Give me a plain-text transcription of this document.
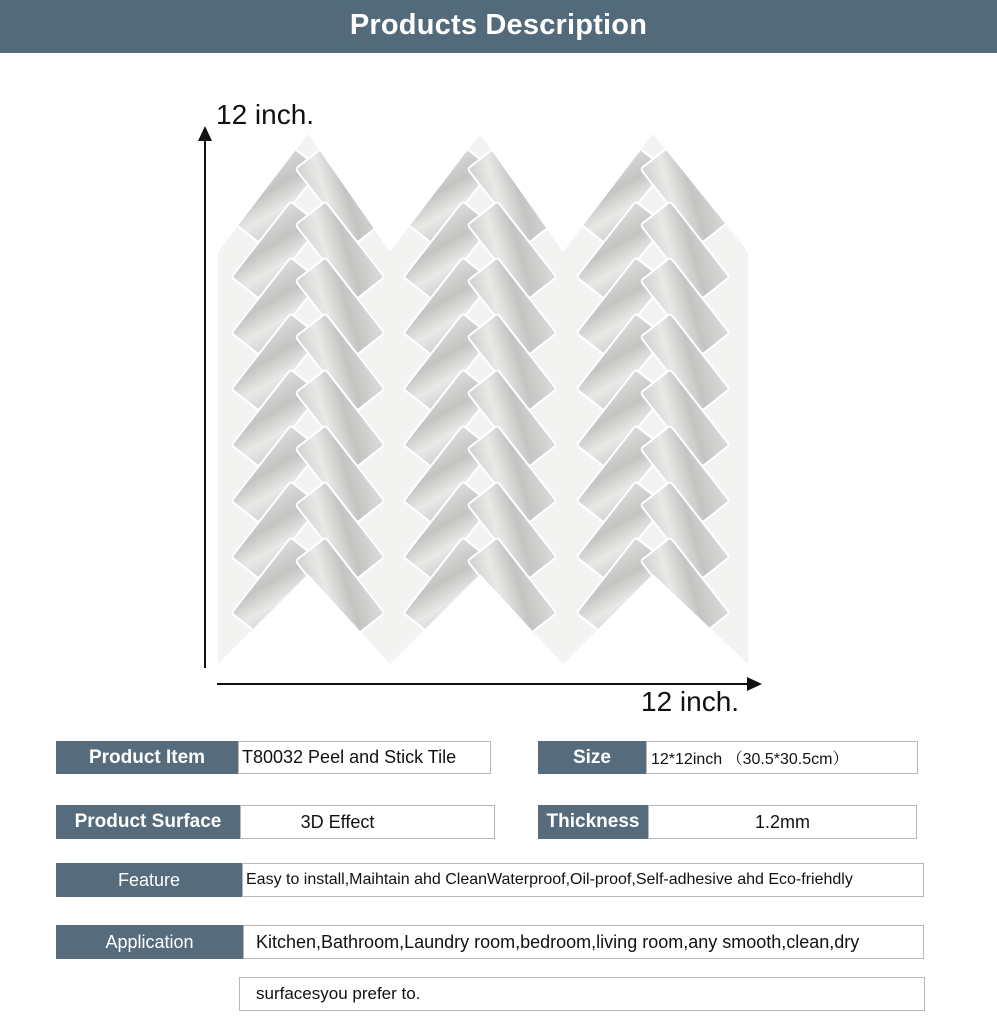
Products Description
12 inch.
12 inch.
Product Item	T80032 Peel and Stick Tile	Size	12*12inch （30.5*30.5cm）
Product Surface	3D Effect	Thickness	1.2mm
Feature	Easy to install,Maihtain ahd CleanWaterproof,Oil-proof,Self-adhesive ahd Eco-friehdly
Application	Kitchen,Bathroom,Laundry room,bedroom,living room,any smooth,clean,dry
surfacesyou prefer to.
